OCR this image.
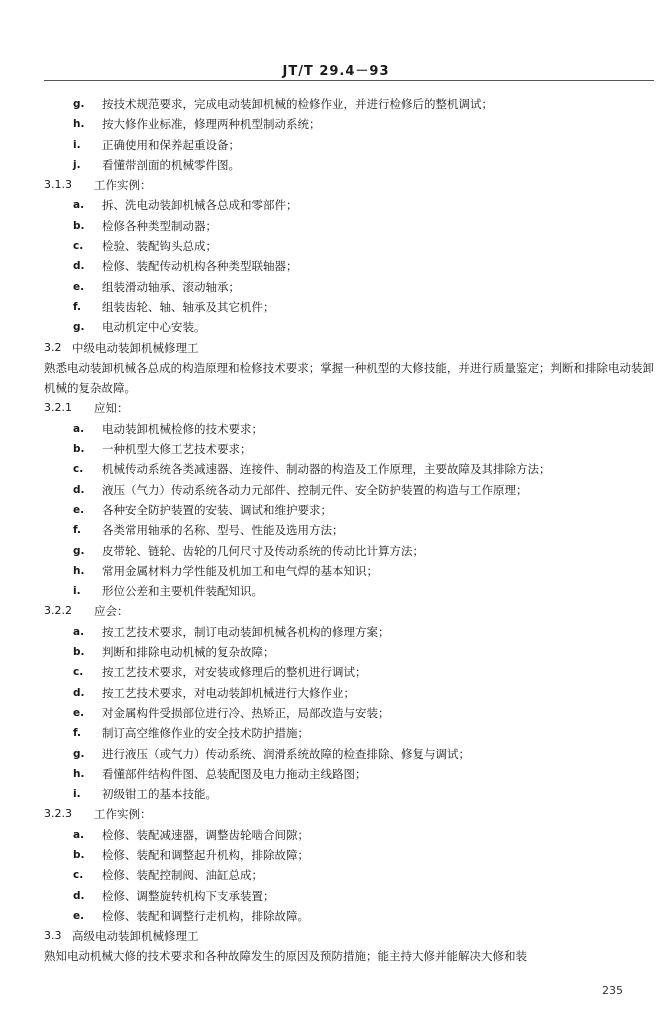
JT/T 29.4－93
g.	按技术规范要求，完成电动装卸机械的检修作业，并进行检修后的整机调试；
h.	按大修作业标准，修理两种机型制动系统；
i.	正确使用和保养起重设备；
j.	看懂带剖面的机械零件图。
3.1.3 工作实例：
a.	拆、洗电动装卸机械各总成和零部件；
b.	检修各种类型制动器；
c.	检验、装配钩头总成；
d.	检修、装配传动机构各种类型联轴器；
e.	组装滑动轴承、滚动轴承；
f.	组装齿轮、轴、轴承及其它机件；
g.	电动机定中心安装。
3.2 中级电动装卸机械修理工
熟悉电动装卸机械各总成的构造原理和检修技术要求；掌握一种机型的大修技能，并进行质量鉴定；判断和排除电动装卸机械的复杂故障。
3.2.1 应知：
a.	电动装卸机械检修的技术要求；
b.	一种机型大修工艺技术要求；
c.	机械传动系统各类减速器、连接件、制动器的构造及工作原理，主要故障及其排除方法；
d.	液压（气力）传动系统各动力元部件、控制元件、安全防护装置的构造与工作原理；
e.	各种安全防护装置的安装、调试和维护要求；
f.	各类常用轴承的名称、型号、性能及选用方法；
g.	皮带轮、链轮、齿轮的几何尺寸及传动系统的传动比计算方法；
h.	常用金属材料力学性能及机加工和电气焊的基本知识；
i.	形位公差和主要机件装配知识。
3.2.2 应会：
a.	按工艺技术要求，制订电动装卸机械各机构的修理方案；
b.	判断和排除电动机械的复杂故障；
c.	按工艺技术要求，对安装或修理后的整机进行调试；
d.	按工艺技术要求，对电动装卸机械进行大修作业；
e.	对金属构件受损部位进行冷、热矫正，局部改造与安装；
f.	制订高空维修作业的安全技术防护措施；
g.	进行液压（或气力）传动系统、润滑系统故障的检查排除、修复与调试；
h.	看懂部件结构件图、总装配图及电力拖动主线路图；
i.	初级钳工的基本技能。
3.2.3 工作实例：
a.	检修、装配减速器，调整齿轮啮合间隙；
b.	检修、装配和调整起升机构，排除故障；
c.	检修、装配控制阀、油缸总成；
d.	检修、调整旋转机构下支承装置；
e.	检修、装配和调整行走机构，排除故障。
3.3 高级电动装卸机械修理工
熟知电动机械大修的技术要求和各种故障发生的原因及预防措施；能主持大修并能解决大修和装
235
